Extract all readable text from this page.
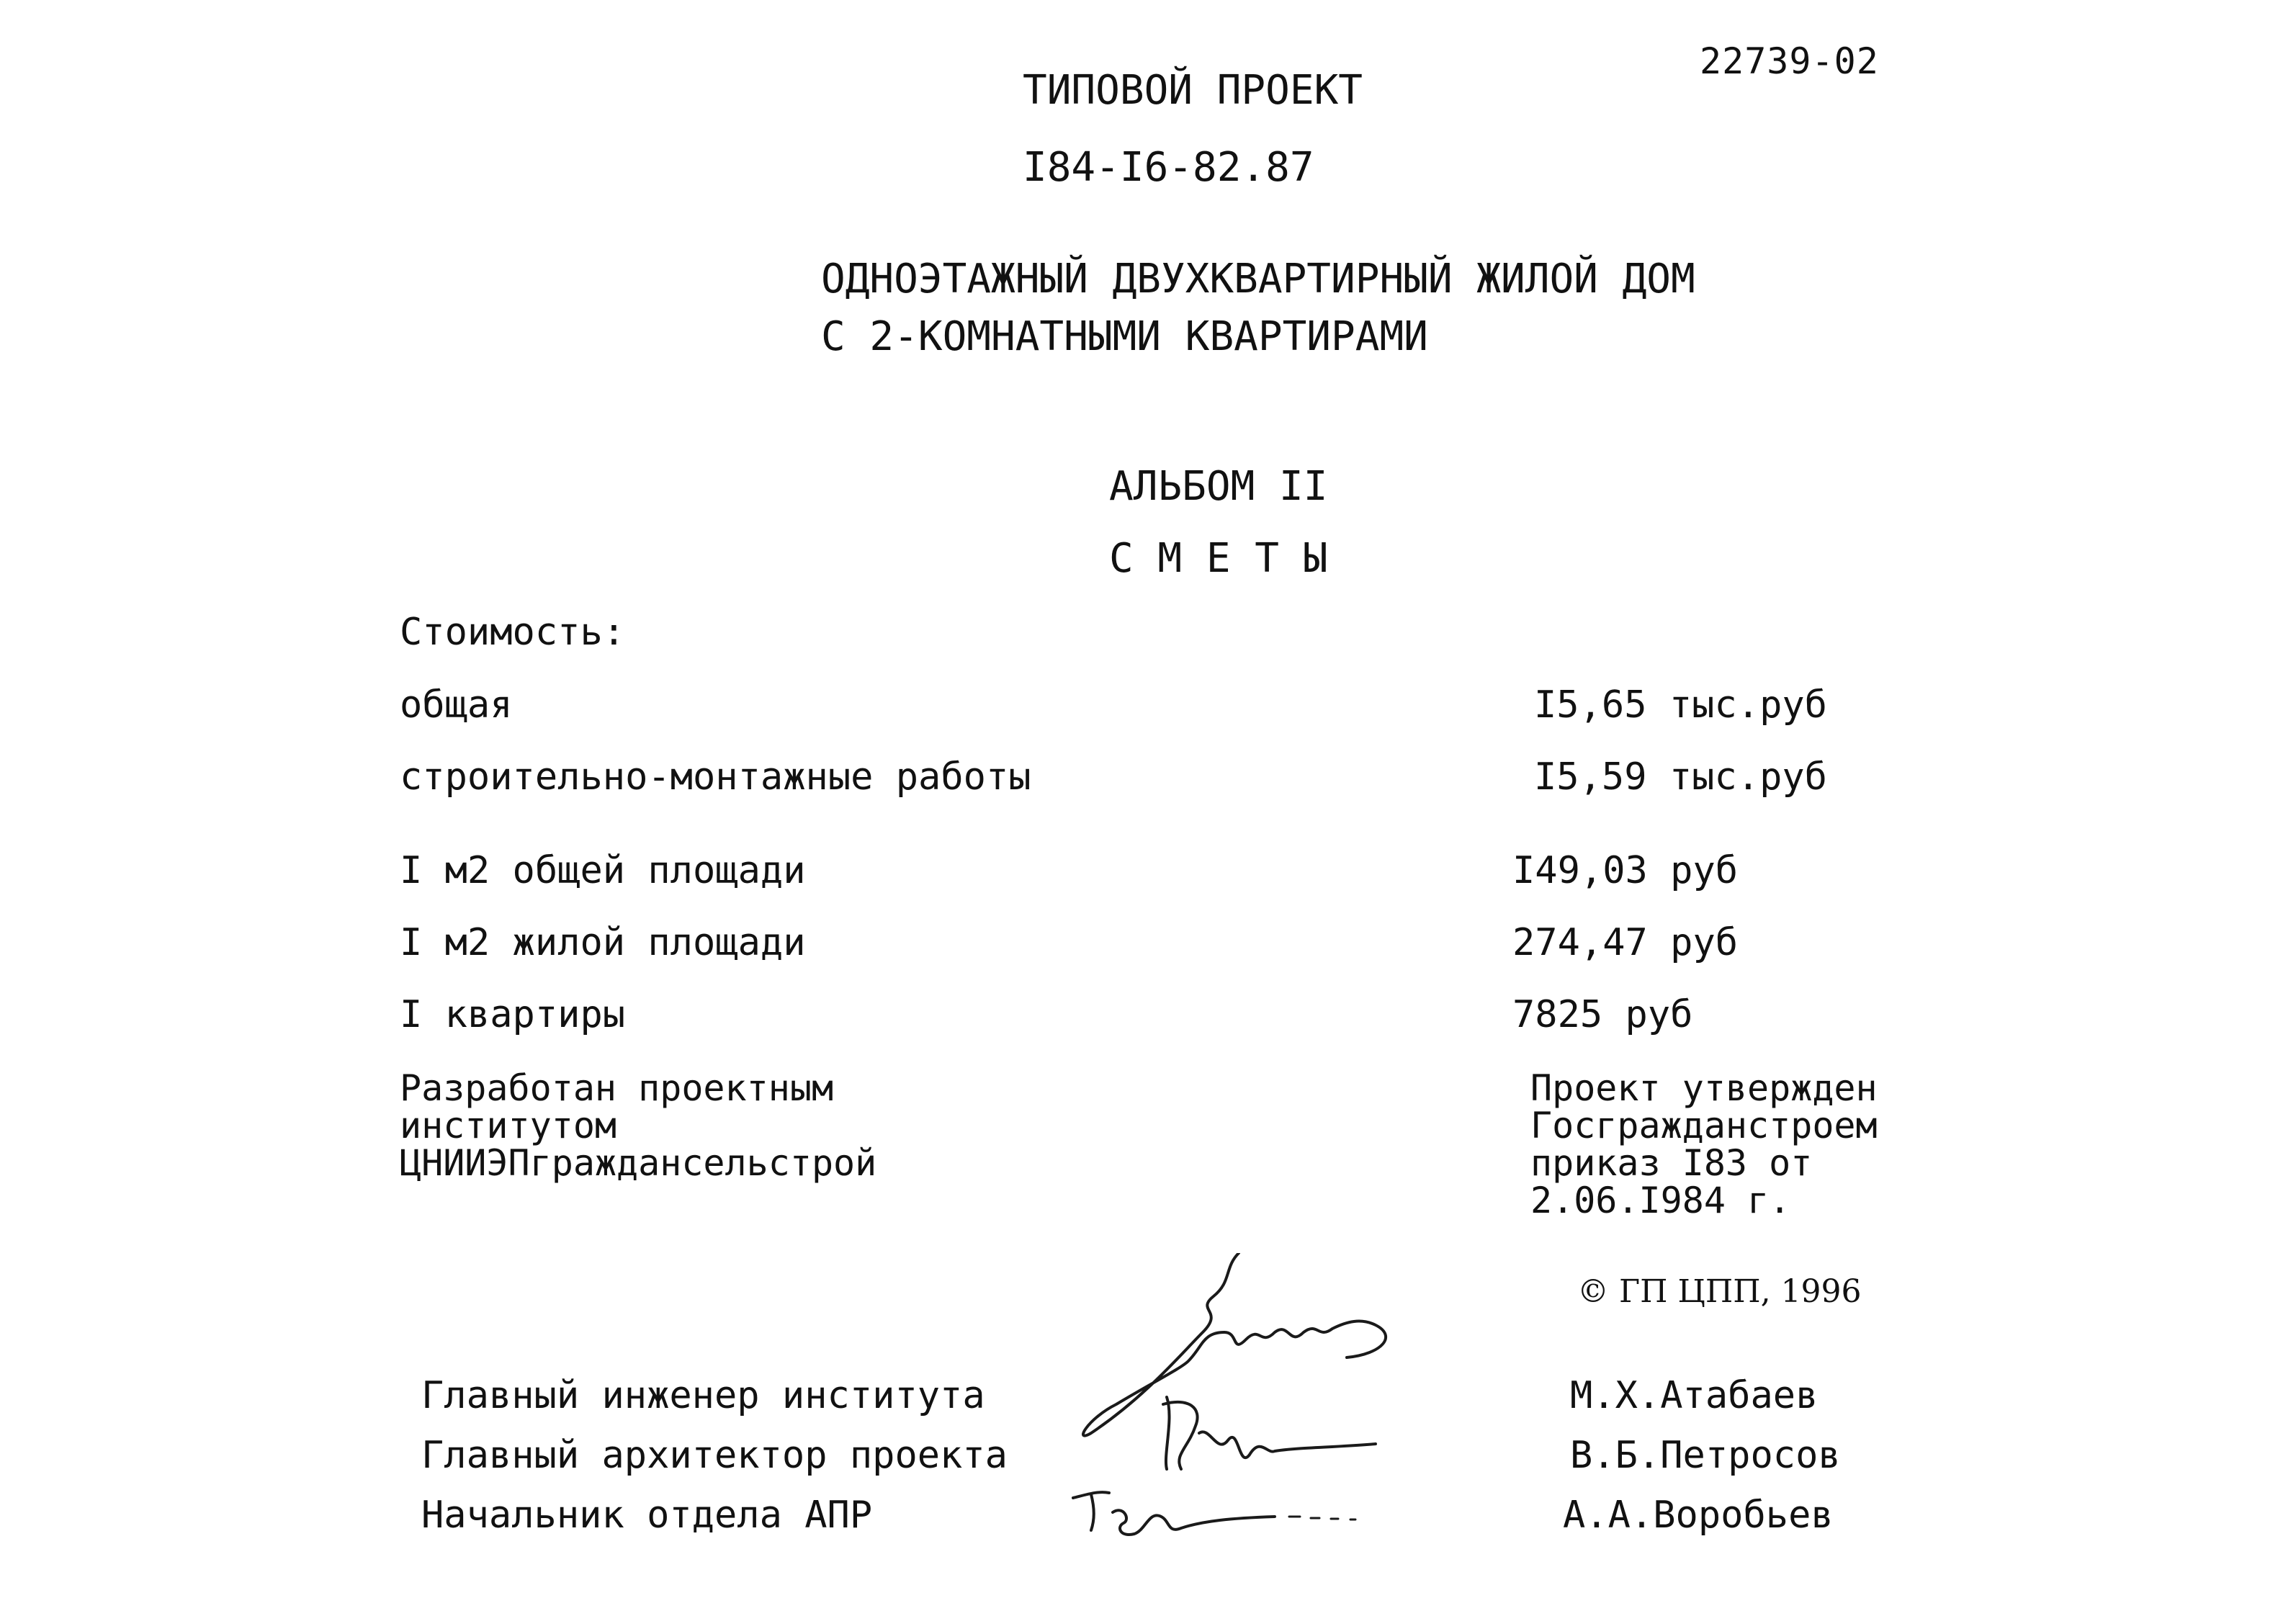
22739-02
ТИПОВОЙ ПРОЕКТ
I84-I6-82.87
ОДНОЭТАЖНЫЙ ДВУХКВАРТИРНЫЙ ЖИЛОЙ ДОМ
С 2-КОМНАТНЫМИ КВАРТИРАМИ
АЛЬБОМ II
С М Е Т Ы
Стоимость:
общая	I5,65 тыс.руб
строительно-монтажные работы	I5,59 тыс.руб
I м2 общей площади	I49,03 руб
I м2 жилой площади	274,47 руб
I квартиры	7825 руб
Разработан проектным
институтом
ЦНИИЭПграждансельстрой
Проект утвержден
Госгражданстроем
приказ I83 от
2.06.I984 г.
© ГП ЦПП, 1996
Главный инженер института	М.Х.Атабаев
Главный архитектор проекта	В.Б.Петросов
Начальник отдела АПР	А.А.Воробьев
